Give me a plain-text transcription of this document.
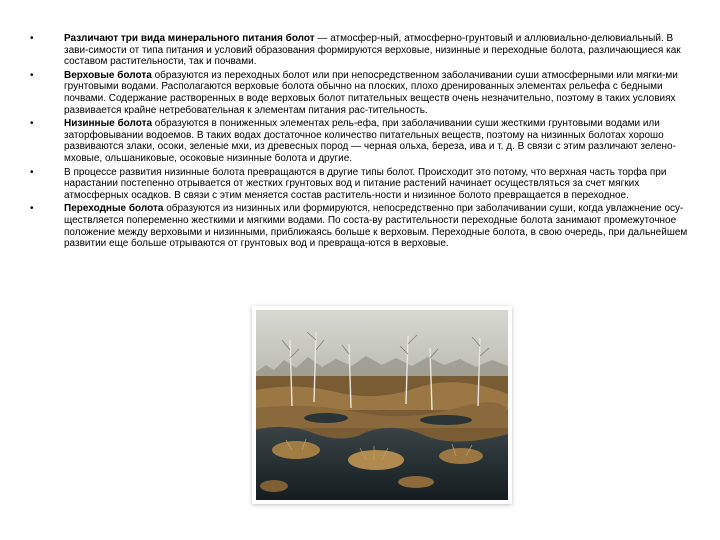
•	Различают три вида минерального питания болот — атмосфер-ный, атмосферно-грунтовый и аллювиально-делювиальный. В зави-симости от типа питания и условий образования формируются верховые, низинные и переходные болота, различающиеся как составом растительности, так и почвами.
•	Верховые болота образуются из переходных болот или при непосредственном заболачивании суши атмосферными или мягки-ми грунтовыми водами. Располагаются верховые болота обычно на плоских, плохо дренированных элементах рельефа с бедными почвами. Содержание растворенных в воде верховых болот питательных веществ очень незначительно, поэтому в таких условиях развивается крайне нетребовательная к элементам питания рас-тительность.
•	Низинные болота образуются в пониженных элементах рель-ефа, при заболачивании суши жесткими грунтовыми водами или заторфовывании водоемов. В таких водах достаточное количество питательных веществ, поэтому на низинных болотах хорошо развиваются злаки, осоки, зеленые мхи, из древесных пород — черная ольха, береза, ива и т. д. В связи с этим различают зелено-мховые, ольшаниковые, осоковые низинные болота и другие.
•	В процессе развития низинные болота превращаются в другие типы болот. Происходит это потому, что верхная часть торфа при нарастании постепенно отрывается от жестких грунтовых вод и питание растений начинает осуществляться за счет мягких атмосферных осадков. В связи с этим меняется состав раститель-ности и низинное болото превращается в переходное.
•	Переходные болота образуются из низинных или формируются, непосредственно при заболачивании суши, когда увлажнение осу-ществляется попеременно жесткими и мягкими водами. По соста-ву растительности переходные болота занимают промежуточное положение между верховыми и низинными, приближаясь больше к верховым. Переходные болота, в свою очередь, при дальнейшем развитии еще больше отрываются от грунтовых вод и превраща-ются в верховые.
